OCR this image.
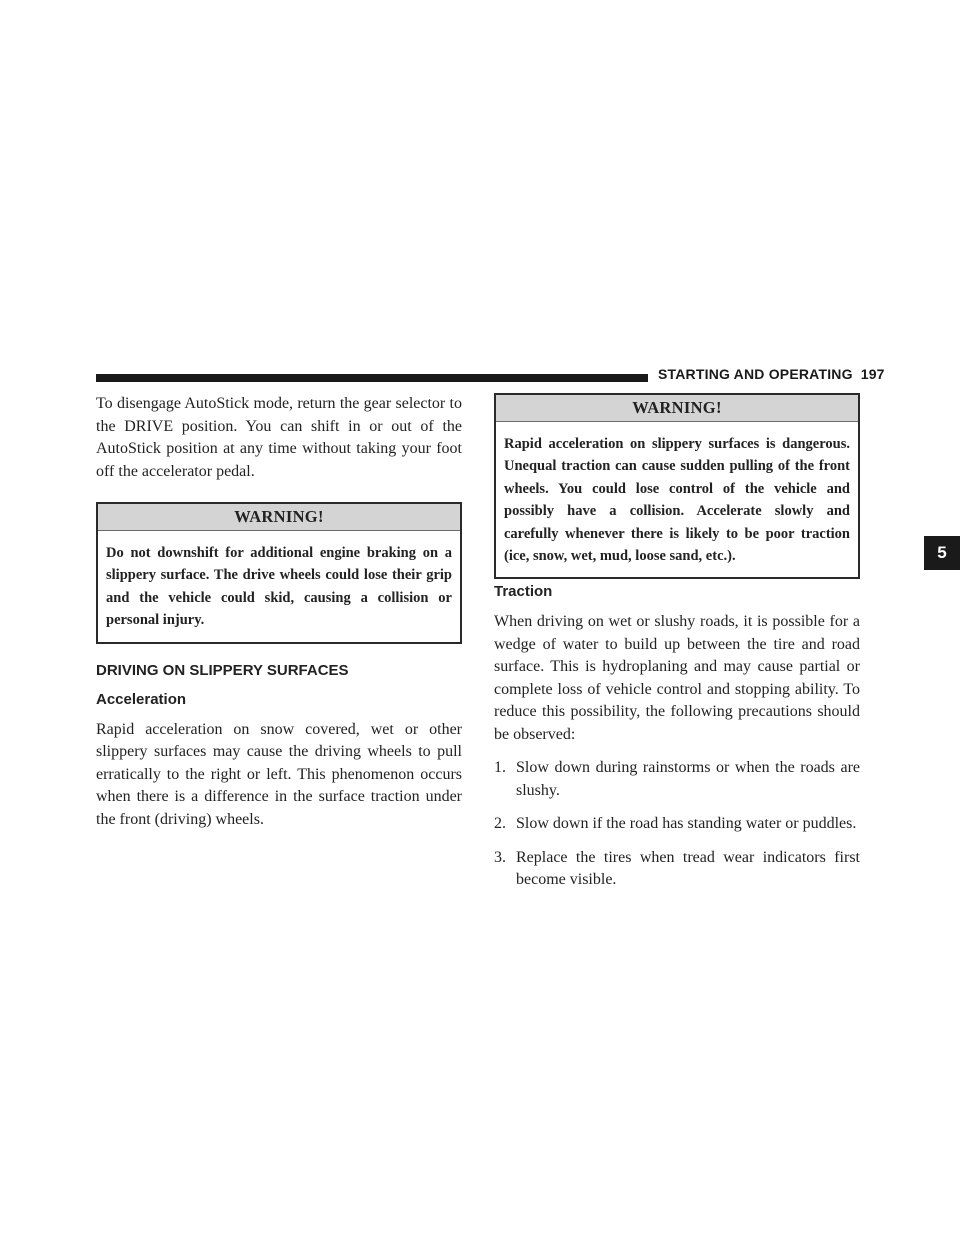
STARTING AND OPERATING 197
5

To disengage AutoStick mode, return the gear selector to the DRIVE position. You can shift in or out of the AutoStick position at any time without taking your foot off the accelerator pedal.

WARNING!
Do not downshift for additional engine braking on a slippery surface. The drive wheels could lose their grip and the vehicle could skid, causing a collision or personal injury.
DRIVING ON SLIPPERY SURFACES
Acceleration

Rapid acceleration on snow covered, wet or other slippery surfaces may cause the driving wheels to pull erratically to the right or left. This phenomenon occurs when there is a difference in the surface traction under the front (driving) wheels.

WARNING!
Rapid acceleration on slippery surfaces is dangerous. Unequal traction can cause sudden pulling of the front wheels. You could lose control of the vehicle and possibly have a collision. Accelerate slowly and carefully whenever there is likely to be poor traction (ice, snow, wet, mud, loose sand, etc.).
Traction

When driving on wet or slushy roads, it is possible for a wedge of water to build up between the tire and road surface. This is hydroplaning and may cause partial or complete loss of vehicle control and stopping ability. To reduce this possibility, the following precautions should be observed:

1. Slow down during rainstorms or when the roads are slushy.
2. Slow down if the road has standing water or puddles.
3. Replace the tires when tread wear indicators first become visible.
